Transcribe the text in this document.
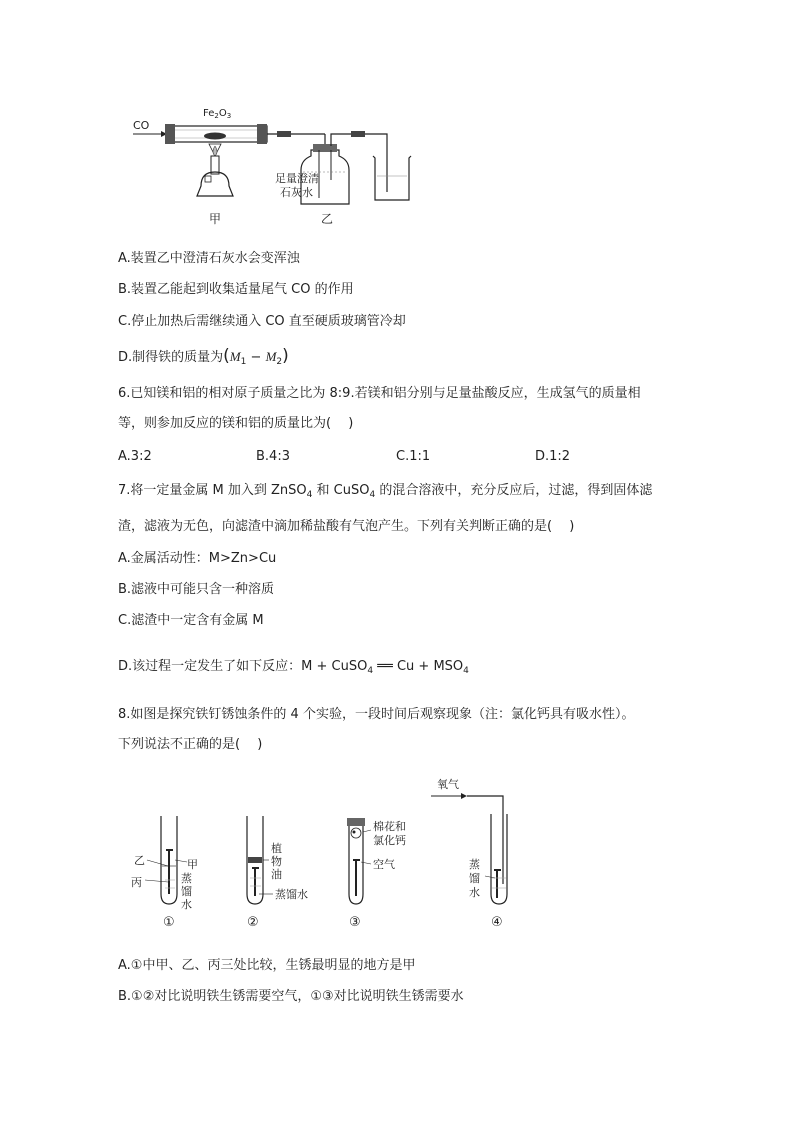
CO
$Fe_2O_3$
甲
足量澄清
石灰水
乙
A.装置乙中澄清石灰水会变浑浊
B.装置乙能起到收集适量尾气 CO 的作用
C.停止加热后需继续通入 CO 直至硬质玻璃管冷却
D.制得铁的质量为$(M_1 - M_2)$
6.已知镁和铝的相对原子质量之比为 8:9.若镁和铝分别与足量盐酸反应，生成氢气的质量相
等，则参加反应的镁和铝的质量比为(　 )
A.3:2	B.4:3	C.1:1	D.1:2
7.将一定量金属 M 加入到 ZnSO$_4$ 和 CuSO$_4$ 的混合溶液中，充分反应后，过滤，得到固体滤
渣，滤液为无色，向滤渣中滴加稀盐酸有气泡产生。下列有关判断正确的是(　 )
A.金属活动性：M>Zn>Cu
B.滤液中可能只含一种溶质
C.滤渣中一定含有金属 M
D.该过程一定发生了如下反应：M + CuSO$_4$ ══ $Cu + MSO_4$
8.如图是探究铁钉锈蚀条件的 4 个实验，一段时间后观察现象（注：氯化钙具有吸水性）。
下列说法不正确的是(　 )
乙	甲
丙	蒸
馏
水
①
植
物
油
蒸馏水
②
棉花和
氯化钙
空气
③
氧气
蒸
馏
水
④
A.①中甲、乙、丙三处比较，生锈最明显的地方是甲
B.①②对比说明铁生锈需要空气，①③对比说明铁生锈需要水
